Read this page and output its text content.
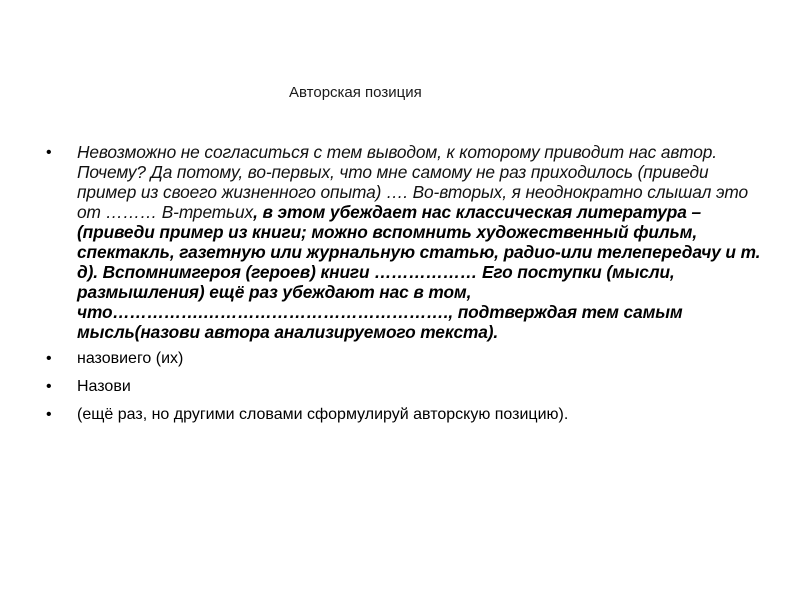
Авторская позиция
• Невозможно не согласиться с тем выводом, к которому приводит нас автор. Почему? Да потому, во-первых, что мне самому не раз приходилось (приведи пример из своего жизненного опыта) …. Во-вторых, я неоднократно слышал это от ……… В-третьих, в этом убеждает нас классическая литература –(приведи пример из книги; можно вспомнить художественный фильм, спектакль, газетную или журнальную статью, радио-или телепередачу и т. д). Вспомнимгероя (героев) книги ……………… Его поступки (мысли, размышления) ещё раз убеждают нас в том, что…………….……………………………………., подтверждая тем самым мысль(назови автора анализируемого текста).
• назовиего (их)
• Назови
• (ещё раз, но другими словами сформулируй авторскую позицию).
